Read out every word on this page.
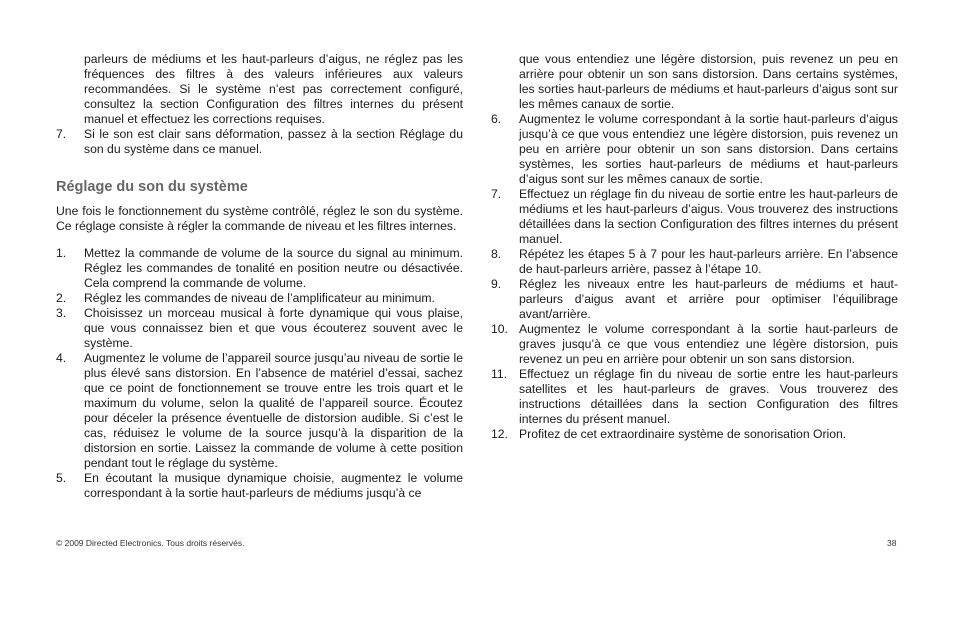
parleurs de médiums et les haut-parleurs d’aigus, ne réglez pas les fréquences des filtres à des valeurs inférieures aux valeurs recommandées. Si le système n’est pas correctement configuré, consultez la section Configuration des filtres internes du présent manuel et effectuez les corrections requises.

7. Si le son est clair sans déformation, passez à la section Réglage du son du système dans ce manuel.
Réglage du son du système

Une fois le fonctionnement du système contrôlé, réglez le son du système. Ce réglage consiste à régler la commande de niveau et les filtres internes.

1. Mettez la commande de volume de la source du signal au minimum. Réglez les commandes de tonalité en position neutre ou désactivée. Cela comprend la commande de volume.
2. Réglez les commandes de niveau de l’amplificateur au minimum.
3. Choisissez un morceau musical à forte dynamique qui vous plaise, que vous connaissez bien et que vous écouterez souvent avec le système.
4. Augmentez le volume de l’appareil source jusqu’au niveau de sortie le plus élevé sans distorsion. En l’absence de matériel d’essai, sachez que ce point de fonctionnement se trouve entre les trois quart et le maximum du volume, selon la qualité de l’appareil source. Écoutez pour déceler la présence éventuelle de distorsion audible. Si c’est le cas, réduisez le volume de la source jusqu’à la disparition de la distorsion en sortie. Laissez la commande de volume à cette position pendant tout le réglage du système.
5. En écoutant la musique dynamique choisie, augmentez le volume correspondant à la sortie haut-parleurs de médiums jusqu’à ce

que vous entendiez une légère distorsion, puis revenez un peu en arrière pour obtenir un son sans distorsion. Dans certains systèmes, les sorties haut-parleurs de médiums et haut-parleurs d’aigus sont sur les mêmes canaux de sortie.

6. Augmentez le volume correspondant à la sortie haut-parleurs d’aigus jusqu’à ce que vous entendiez une légère distorsion, puis revenez un peu en arrière pour obtenir un son sans distorsion. Dans certains systèmes, les sorties haut-parleurs de médiums et haut-parleurs d’aigus sont sur les mêmes canaux de sortie.
7. Effectuez un réglage fin du niveau de sortie entre les haut-parleurs de médiums et les haut-parleurs d’aigus. Vous trouverez des instructions détaillées dans la section Configuration des filtres internes du présent manuel.
8. Répétez les étapes 5 à 7 pour les haut-parleurs arrière. En l’absence de haut-parleurs arrière, passez à l’étape 10.
9. Réglez les niveaux entre les haut-parleurs de médiums et haut-parleurs d’aigus avant et arrière pour optimiser l’équilibrage avant/arrière.
10. Augmentez le volume correspondant à la sortie haut-parleurs de graves jusqu’à ce que vous entendiez une légère distorsion, puis revenez un peu en arrière pour obtenir un son sans distorsion.
11. Effectuez un réglage fin du niveau de sortie entre les haut-parleurs satellites et les haut-parleurs de graves. Vous trouverez des instructions détaillées dans la section Configuration des filtres internes du présent manuel.
12. Profitez de cet extraordinaire système de sonorisation Orion.
© 2009 Directed Electronics. Tous droits réservés.	38
